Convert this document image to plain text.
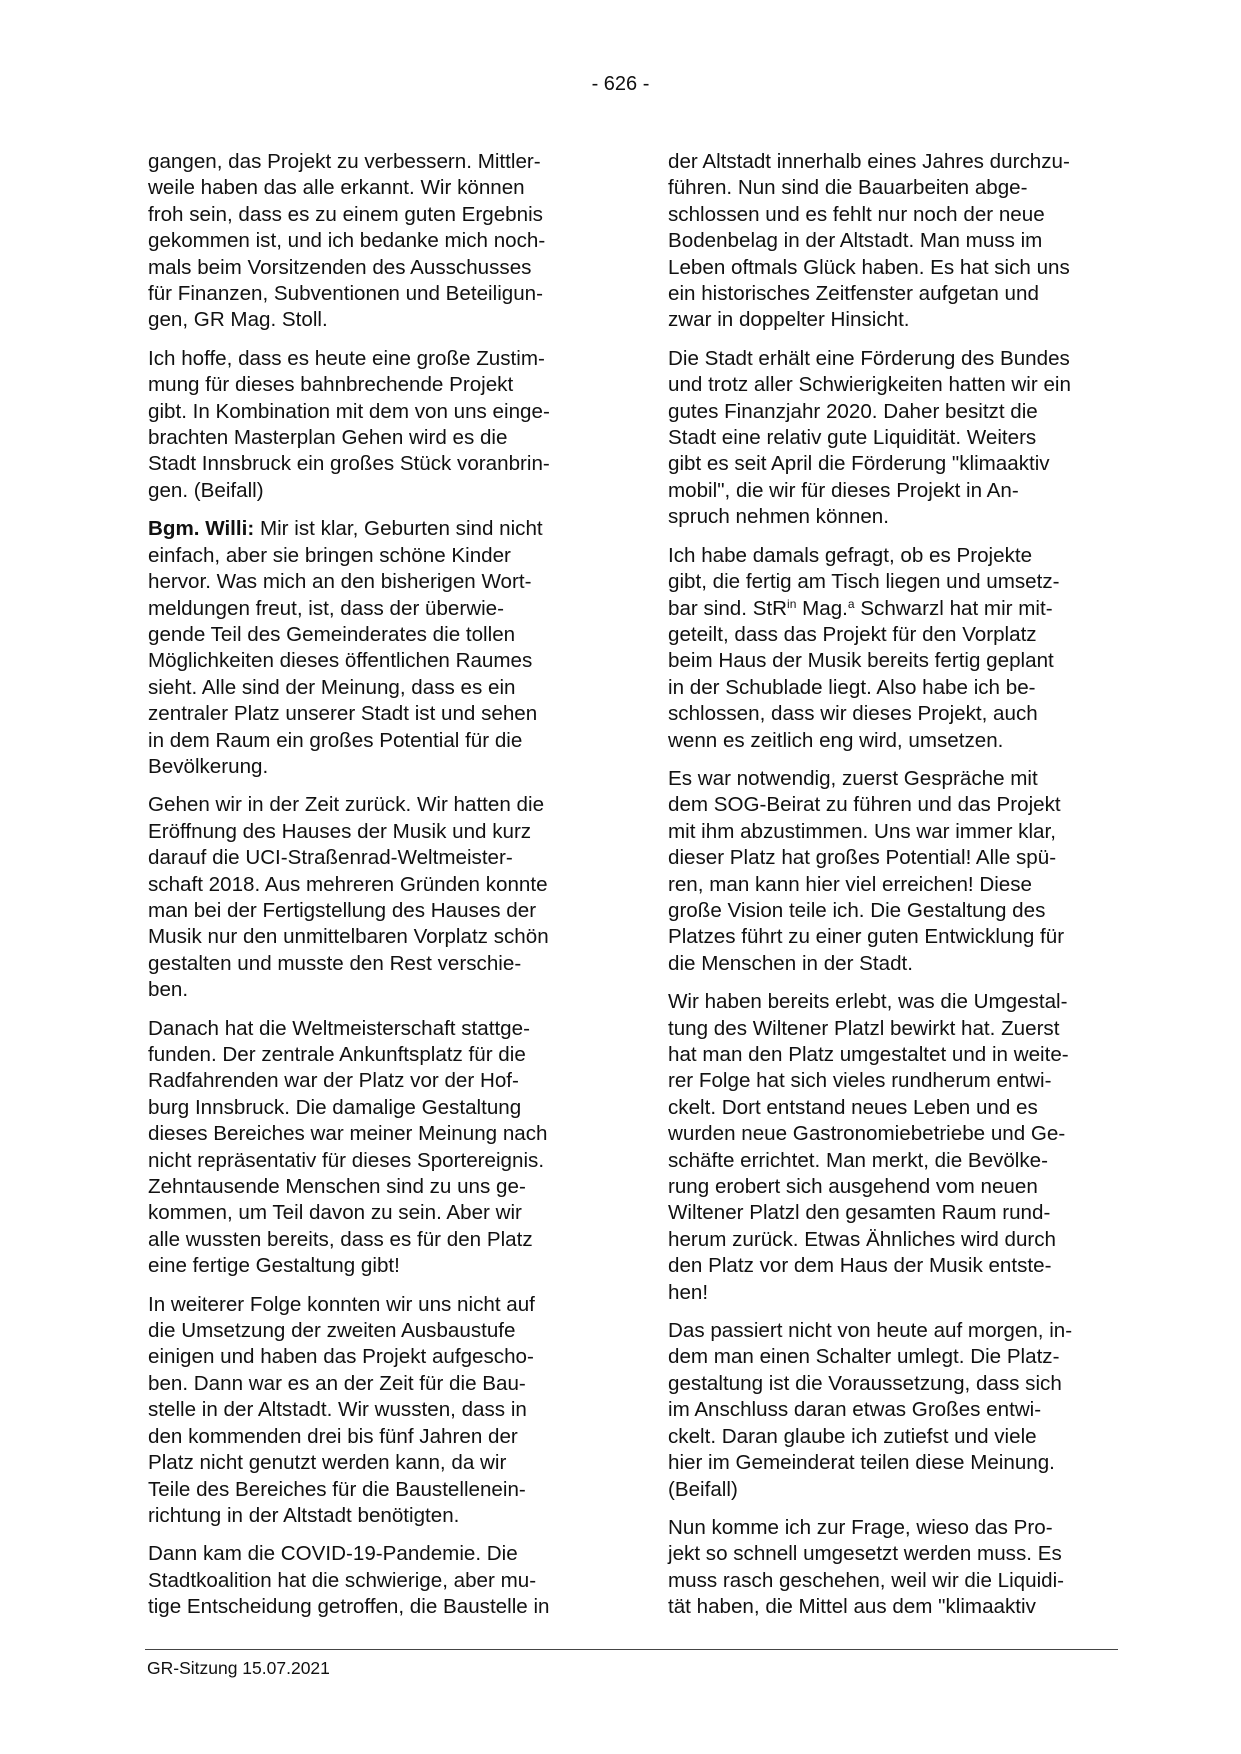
- 626 -

gangen, das Projekt zu verbessern. Mittler-
weile haben das alle erkannt. Wir können
froh sein, dass es zu einem guten Ergebnis
gekommen ist, und ich bedanke mich noch-
mals beim Vorsitzenden des Ausschusses
für Finanzen, Subventionen und Beteiligun-
gen, GR Mag. Stoll.

Ich hoffe, dass es heute eine große Zustim-
mung für dieses bahnbrechende Projekt
gibt. In Kombination mit dem von uns einge-
brachten Masterplan Gehen wird es die
Stadt Innsbruck ein großes Stück voranbrin-
gen. (Beifall)

Bgm. Willi: Mir ist klar, Geburten sind nicht
einfach, aber sie bringen schöne Kinder
hervor. Was mich an den bisherigen Wort-
meldungen freut, ist, dass der überwie-
gende Teil des Gemeinderates die tollen
Möglichkeiten dieses öffentlichen Raumes
sieht. Alle sind der Meinung, dass es ein
zentraler Platz unserer Stadt ist und sehen
in dem Raum ein großes Potential für die
Bevölkerung.

Gehen wir in der Zeit zurück. Wir hatten die
Eröffnung des Hauses der Musik und kurz
darauf die UCI-Straßenrad-Weltmeister-
schaft 2018. Aus mehreren Gründen konnte
man bei der Fertigstellung des Hauses der
Musik nur den unmittelbaren Vorplatz schön
gestalten und musste den Rest verschie-
ben.

Danach hat die Weltmeisterschaft stattge-
funden. Der zentrale Ankunftsplatz für die
Radfahrenden war der Platz vor der Hof-
burg Innsbruck. Die damalige Gestaltung
dieses Bereiches war meiner Meinung nach
nicht repräsentativ für dieses Sportereignis.
Zehntausende Menschen sind zu uns ge-
kommen, um Teil davon zu sein. Aber wir
alle wussten bereits, dass es für den Platz
eine fertige Gestaltung gibt!

In weiterer Folge konnten wir uns nicht auf
die Umsetzung der zweiten Ausbaustufe
einigen und haben das Projekt aufgescho-
ben. Dann war es an der Zeit für die Bau-
stelle in der Altstadt. Wir wussten, dass in
den kommenden drei bis fünf Jahren der
Platz nicht genutzt werden kann, da wir
Teile des Bereiches für die Baustellenein-
richtung in der Altstadt benötigten.

Dann kam die COVID-19-Pandemie. Die
Stadtkoalition hat die schwierige, aber mu-
tige Entscheidung getroffen, die Baustelle in

der Altstadt innerhalb eines Jahres durchzu-
führen. Nun sind die Bauarbeiten abge-
schlossen und es fehlt nur noch der neue
Bodenbelag in der Altstadt. Man muss im
Leben oftmals Glück haben. Es hat sich uns
ein historisches Zeitfenster aufgetan und
zwar in doppelter Hinsicht.

Die Stadt erhält eine Förderung des Bundes
und trotz aller Schwierigkeiten hatten wir ein
gutes Finanzjahr 2020. Daher besitzt die
Stadt eine relativ gute Liquidität. Weiters
gibt es seit April die Förderung "klimaaktiv
mobil", die wir für dieses Projekt in An-
spruch nehmen können.

Ich habe damals gefragt, ob es Projekte
gibt, die fertig am Tisch liegen und umsetz-
bar sind. StR$^{in}$ Mag.$^a$ Schwarzl hat mir mit-
geteilt, dass das Projekt für den Vorplatz
beim Haus der Musik bereits fertig geplant
in der Schublade liegt. Also habe ich be-
schlossen, dass wir dieses Projekt, auch
wenn es zeitlich eng wird, umsetzen.

Es war notwendig, zuerst Gespräche mit
dem SOG-Beirat zu führen und das Projekt
mit ihm abzustimmen. Uns war immer klar,
dieser Platz hat großes Potential! Alle spü-
ren, man kann hier viel erreichen! Diese
große Vision teile ich. Die Gestaltung des
Platzes führt zu einer guten Entwicklung für
die Menschen in der Stadt.

Wir haben bereits erlebt, was die Umgestal-
tung des Wiltener Platzl bewirkt hat. Zuerst
hat man den Platz umgestaltet und in weite-
rer Folge hat sich vieles rundherum entwi-
ckelt. Dort entstand neues Leben und es
wurden neue Gastronomiebetriebe und Ge-
schäfte errichtet. Man merkt, die Bevölke-
rung erobert sich ausgehend vom neuen
Wiltener Platzl den gesamten Raum rund-
herum zurück. Etwas Ähnliches wird durch
den Platz vor dem Haus der Musik entste-
hen!

Das passiert nicht von heute auf morgen, in-
dem man einen Schalter umlegt. Die Platz-
gestaltung ist die Voraussetzung, dass sich
im Anschluss daran etwas Großes entwi-
ckelt. Daran glaube ich zutiefst und viele
hier im Gemeinderat teilen diese Meinung.
(Beifall)

Nun komme ich zur Frage, wieso das Pro-
jekt so schnell umgesetzt werden muss. Es
muss rasch geschehen, weil wir die Liquidi-
tät haben, die Mittel aus dem "klimaaktiv

GR-Sitzung 15.07.2021
